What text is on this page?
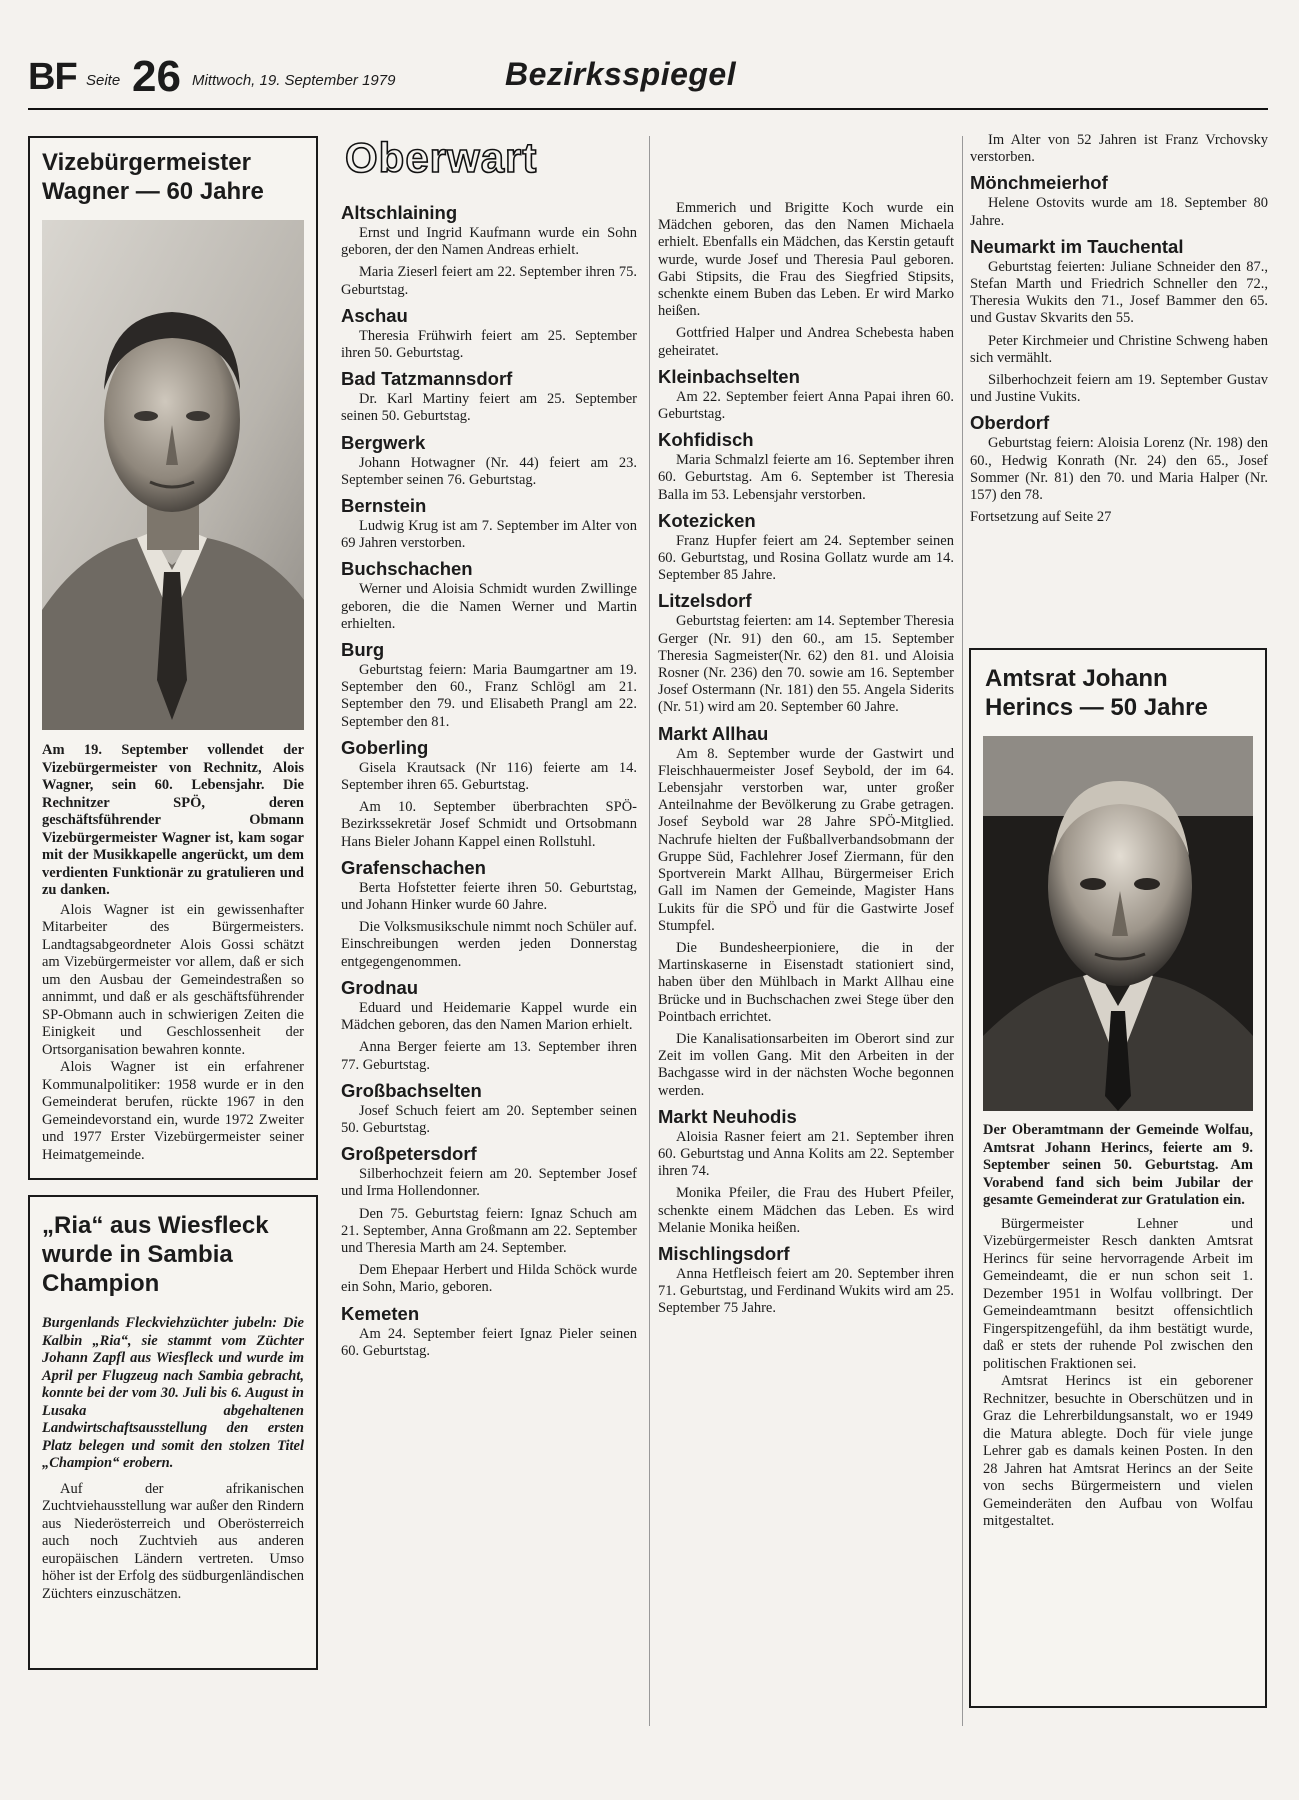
BF Seite 26 Mittwoch, 19. September 1979	Bezirksspiegel
Vizebürgermeister Wagner — 60 Jahre

Am 19. September vollendet der Vizebürgermeister von Rechnitz, Alois Wagner, sein 60. Lebensjahr. Die Rechnitzer SPÖ, deren geschäftsführender Obmann Vizebürgermeister Wagner ist, kam sogar mit der Musikkapelle angerückt, um dem verdienten Funktionär zu gratulieren und zu danken.

Alois Wagner ist ein gewissenhafter Mitarbeiter des Bürgermeisters. Landtagsabgeordneter Alois Gossi schätzt am Vizebürgermeister vor allem, daß er sich um den Ausbau der Gemeindestraßen so annimmt, und daß er als geschäftsführender SP-Obmann auch in schwierigen Zeiten die Einigkeit und Geschlossenheit der Ortsorganisation bewahren konnte.

Alois Wagner ist ein erfahrener Kommunalpolitiker: 1958 wurde er in den Gemeinderat berufen, rückte 1967 in den Gemeindevorstand ein, wurde 1972 Zweiter und 1977 Erster Vizebürgermeister seiner Heimatgemeinde.

„Ria“ aus Wiesfleck wurde in Sambia Champion

Burgenlands Fleckviehzüchter jubeln: Die Kalbin „Ria“, sie stammt vom Züchter Johann Zapfl aus Wiesfleck und wurde im April per Flugzeug nach Sambia gebracht, konnte bei der vom 30. Juli bis 6. August in Lusaka abgehaltenen Landwirtschaftsausstellung den ersten Platz belegen und somit den stolzen Titel „Champion“ erobern.

Auf der afrikanischen Zuchtviehausstellung war außer den Rindern aus Niederösterreich und Oberösterreich auch noch Zuchtvieh aus anderen europäischen Ländern vertreten. Umso höher ist der Erfolg des südburgenländischen Züchters einzuschätzen.

Oberwart
Altschlaining

Ernst und Ingrid Kaufmann wurde ein Sohn geboren, der den Namen Andreas erhielt.

Maria Zieserl feiert am 22. September ihren 75. Geburtstag.

Aschau

Theresia Frühwirh feiert am 25. September ihren 50. Geburtstag.

Bad Tatzmannsdorf

Dr. Karl Martiny feiert am 25. September seinen 50. Geburtstag.

Bergwerk

Johann Hotwagner (Nr. 44) feiert am 23. September seinen 76. Geburtstag.

Bernstein

Ludwig Krug ist am 7. September im Alter von 69 Jahren verstorben.

Buchschachen

Werner und Aloisia Schmidt wurden Zwillinge geboren, die die Namen Werner und Martin erhielten.

Burg

Geburtstag feiern: Maria Baumgartner am 19. September den 60., Franz Schlögl am 21. September den 79. und Elisabeth Prangl am 22. September den 81.

Goberling

Gisela Krautsack (Nr 116) feierte am 14. September ihren 65. Geburtstag.

Am 10. September überbrachten SPÖ-Bezirkssekretär Josef Schmidt und Ortsobmann Hans Bieler Johann Kappel einen Rollstuhl.

Grafenschachen

Berta Hofstetter feierte ihren 50. Geburtstag, und Johann Hinker wurde 60 Jahre.

Die Volksmusikschule nimmt noch Schüler auf. Einschreibungen werden jeden Donnerstag entgegengenommen.

Grodnau

Eduard und Heidemarie Kappel wurde ein Mädchen geboren, das den Namen Marion erhielt.

Anna Berger feierte am 13. September ihren 77. Geburtstag.

Großbachselten

Josef Schuch feiert am 20. September seinen 50. Geburtstag.

Großpetersdorf

Silberhochzeit feiern am 20. September Josef und Irma Hollendonner.

Den 75. Geburtstag feiern: Ignaz Schuch am 21. September, Anna Großmann am 22. September und Theresia Marth am 24. September.

Dem Ehepaar Herbert und Hilda Schöck wurde ein Sohn, Mario, geboren.

Kemeten

Am 24. September feiert Ignaz Pieler seinen 60. Geburtstag.

Emmerich und Brigitte Koch wurde ein Mädchen geboren, das den Namen Michaela erhielt. Ebenfalls ein Mädchen, das Kerstin getauft wurde, wurde Josef und Theresia Paul geboren. Gabi Stipsits, die Frau des Siegfried Stipsits, schenkte einem Buben das Leben. Er wird Marko heißen.

Gottfried Halper und Andrea Schebesta haben geheiratet.

Kleinbachselten

Am 22. September feiert Anna Papai ihren 60. Geburtstag.

Kohfidisch

Maria Schmalzl feierte am 16. September ihren 60. Geburtstag. Am 6. September ist Theresia Balla im 53. Lebensjahr verstorben.

Kotezicken

Franz Hupfer feiert am 24. September seinen 60. Geburtstag, und Rosina Gollatz wurde am 14. September 85 Jahre.

Litzelsdorf

Geburtstag feierten: am 14. September Theresia Gerger (Nr. 91) den 60., am 15. September Theresia Sagmeister(Nr. 62) den 81. und Aloisia Rosner (Nr. 236) den 70. sowie am 16. September Josef Ostermann (Nr. 181) den 55. Angela Siderits (Nr. 51) wird am 20. September 60 Jahre.

Markt Allhau

Am 8. September wurde der Gastwirt und Fleischhauermeister Josef Seybold, der im 64. Lebensjahr verstorben war, unter großer Anteilnahme der Bevölkerung zu Grabe getragen. Josef Seybold war 28 Jahre SPÖ-Mitglied. Nachrufe hielten der Fußballverbandsobmann der Gruppe Süd, Fachlehrer Josef Ziermann, für den Sportverein Markt Allhau, Bürgermeiser Erich Gall im Namen der Gemeinde, Magister Hans Lukits für die SPÖ und für die Gastwirte Josef Stumpfel.

Die Bundesheerpioniere, die in der Martinskaserne in Eisenstadt stationiert sind, haben über den Mühlbach in Markt Allhau eine Brücke und in Buchschachen zwei Stege über den Pointbach errichtet.

Die Kanalisationsarbeiten im Oberort sind zur Zeit im vollen Gang. Mit den Arbeiten in der Bachgasse wird in der nächsten Woche begonnen werden.

Markt Neuhodis

Aloisia Rasner feiert am 21. September ihren 60. Geburtstag und Anna Kolits am 22. September ihren 74.

Monika Pfeiler, die Frau des Hubert Pfeiler, schenkte einem Mädchen das Leben. Es wird Melanie Monika heißen.

Mischlingsdorf

Anna Hetfleisch feiert am 20. September ihren 71. Geburtstag, und Ferdinand Wukits wird am 25. September 75 Jahre.

Im Alter von 52 Jahren ist Franz Vrchovsky verstorben.

Mönchmeierhof

Helene Ostovits wurde am 18. September 80 Jahre.

Neumarkt im Tauchental

Geburtstag feierten: Juliane Schneider den 87., Stefan Marth und Friedrich Schneller den 72., Theresia Wukits den 71., Josef Bammer den 65. und Gustav Skvarits den 55.

Peter Kirchmeier und Christine Schweng haben sich vermählt.

Silberhochzeit feiern am 19. September Gustav und Justine Vukits.

Oberdorf

Geburtstag feiern: Aloisia Lorenz (Nr. 198) den 60., Hedwig Konrath (Nr. 24) den 65., Josef Sommer (Nr. 81) den 70. und Maria Halper (Nr. 157) den 78.

Fortsetzung auf Seite 27

Amtsrat Johann Herincs — 50 Jahre

Der Oberamtmann der Gemeinde Wolfau, Amtsrat Johann Herincs, feierte am 9. September seinen 50. Geburtstag. Am Vorabend fand sich beim Jubilar der gesamte Gemeinderat zur Gratulation ein.

Bürgermeister Lehner und Vizebürgermeister Resch dankten Amtsrat Herincs für seine hervorragende Arbeit im Gemeindeamt, die er nun schon seit 1. Dezember 1951 in Wolfau vollbringt. Der Gemeindeamtmann besitzt offensichtlich Fingerspitzengefühl, da ihm bestätigt wurde, daß er stets der ruhende Pol zwischen den politischen Fraktionen sei.

Amtsrat Herincs ist ein geborener Rechnitzer, besuchte in Oberschützen und in Graz die Lehrerbildungsanstalt, wo er 1949 die Matura ablegte. Doch für viele junge Lehrer gab es damals keinen Posten. In den 28 Jahren hat Amtsrat Herincs an der Seite von sechs Bürgermeistern und vielen Gemeinderäten den Aufbau von Wolfau mitgestaltet.
